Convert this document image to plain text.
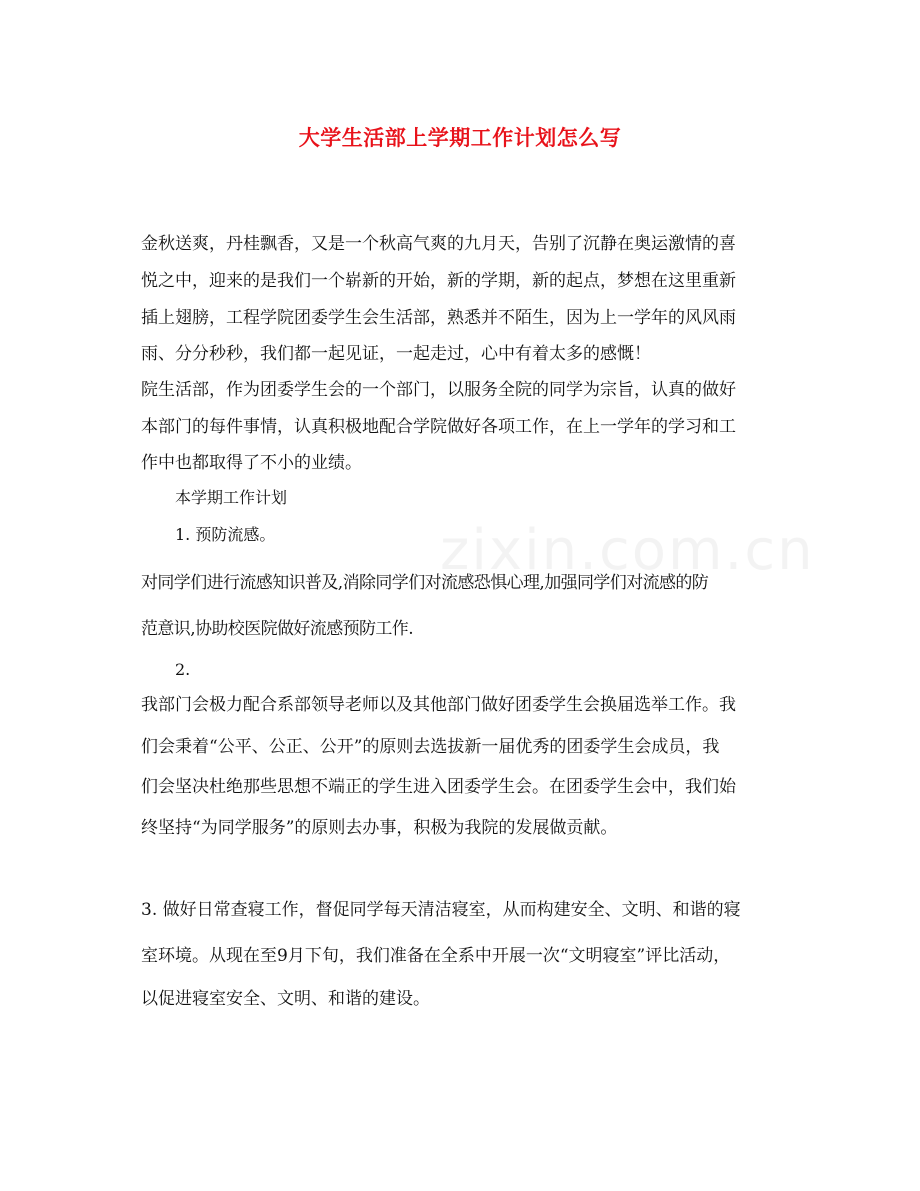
大学生活部上学期工作计划怎么写
金秋送爽，丹桂飘香，又是一个秋高气爽的九月天，告别了沉静在奥运激情的喜
悦之中，迎来的是我们一个崭新的开始，新的学期，新的起点，梦想在这里重新
插上翅膀，工程学院团委学生会生活部，熟悉并不陌生，因为上一学年的风风雨
雨、分分秒秒，我们都一起见证，一起走过，心中有着太多的感慨！
院生活部，作为团委学生会的一个部门，以服务全院的同学为宗旨，认真的做好
本部门的每件事情，认真积极地配合学院做好各项工作，在上一学年的学习和工
作中也都取得了不小的业绩。
本学期工作计划
1. 预防流感。
对同学们进行流感知识普及,消除同学们对流感恐惧心理,加强同学们对流感的防
范意识,协助校医院做好流感预防工作.
2.
我部门会极力配合系部领导老师以及其他部门做好团委学生会换届选举工作。我
们会秉着“公平、公正、公开”的原则去选拔新一届优秀的团委学生会成员，我
们会坚决杜绝那些思想不端正的学生进入团委学生会。在团委学生会中，我们始
终坚持“为同学服务”的原则去办事，积极为我院的发展做贡献。
3. 做好日常查寝工作，督促同学每天清洁寝室，从而构建安全、文明、和谐的寝
室环境。从现在至9月下旬，我们准备在全系中开展一次“文明寝室”评比活动，
以促进寝室安全、文明、和谐的建设。
